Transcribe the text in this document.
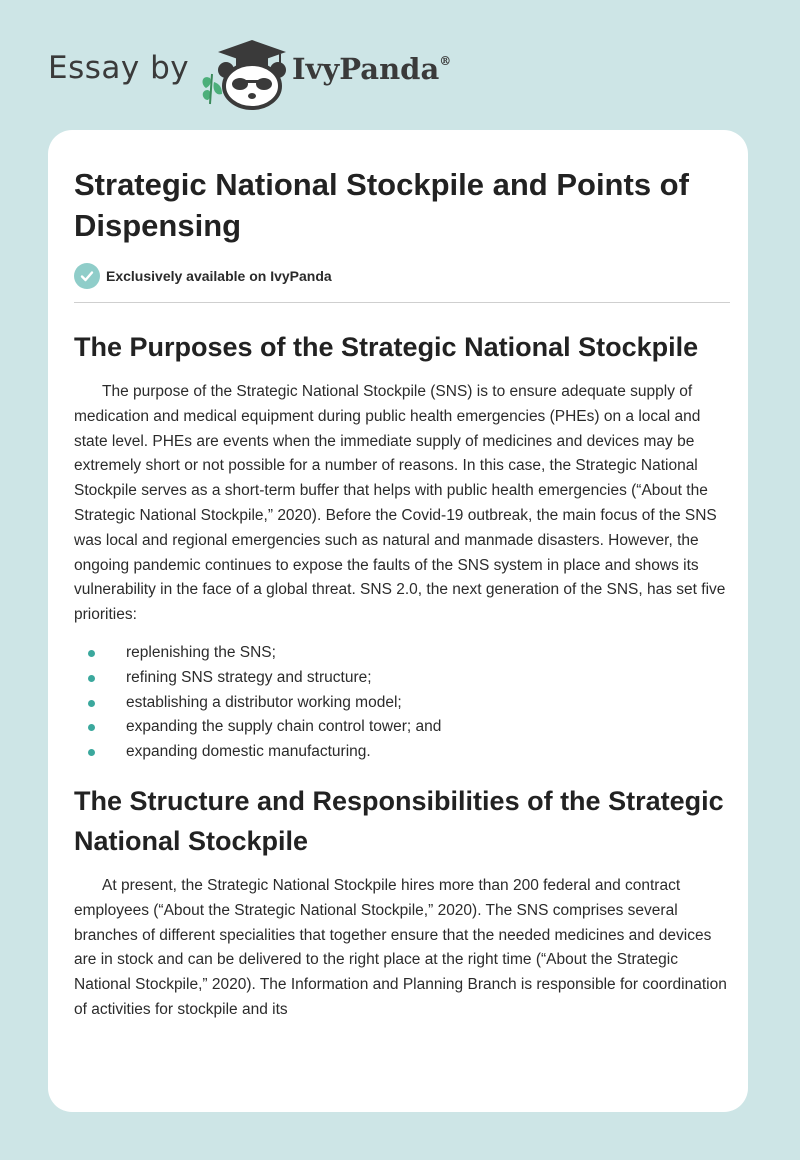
Essay by	IvyPanda®
Strategic National Stockpile and Points of Dispensing
Exclusively available on IvyPanda
The Purposes of the Strategic National Stockpile

The purpose of the Strategic National Stockpile (SNS) is to ensure adequate supply of medication and medical equipment during public health emergencies (PHEs) on a local and state level. PHEs are events when the immediate supply of medicines and devices may be extremely short or not possible for a number of reasons. In this case, the Strategic National Stockpile serves as a short-term buffer that helps with public health emergencies (“About the Strategic National Stockpile,” 2020). Before the Covid-19 outbreak, the main focus of the SNS was local and regional emergencies such as natural and manmade disasters. However, the ongoing pandemic continues to expose the faults of the SNS system in place and shows its vulnerability in the face of a global threat. SNS 2.0, the next generation of the SNS, has set five priorities:

replenishing the SNS;
refining SNS strategy and structure;
establishing a distributor working model;
expanding the supply chain control tower; and
expanding domestic manufacturing.
The Structure and Responsibilities of the Strategic National Stockpile

At present, the Strategic National Stockpile hires more than 200 federal and contract employees (“About the Strategic National Stockpile,” 2020). The SNS comprises several branches of different specialities that together ensure that the needed medicines and devices are in stock and can be delivered to the right place at the right time (“About the Strategic National Stockpile,” 2020). The Information and Planning Branch is responsible for coordination of activities for stockpile and its
